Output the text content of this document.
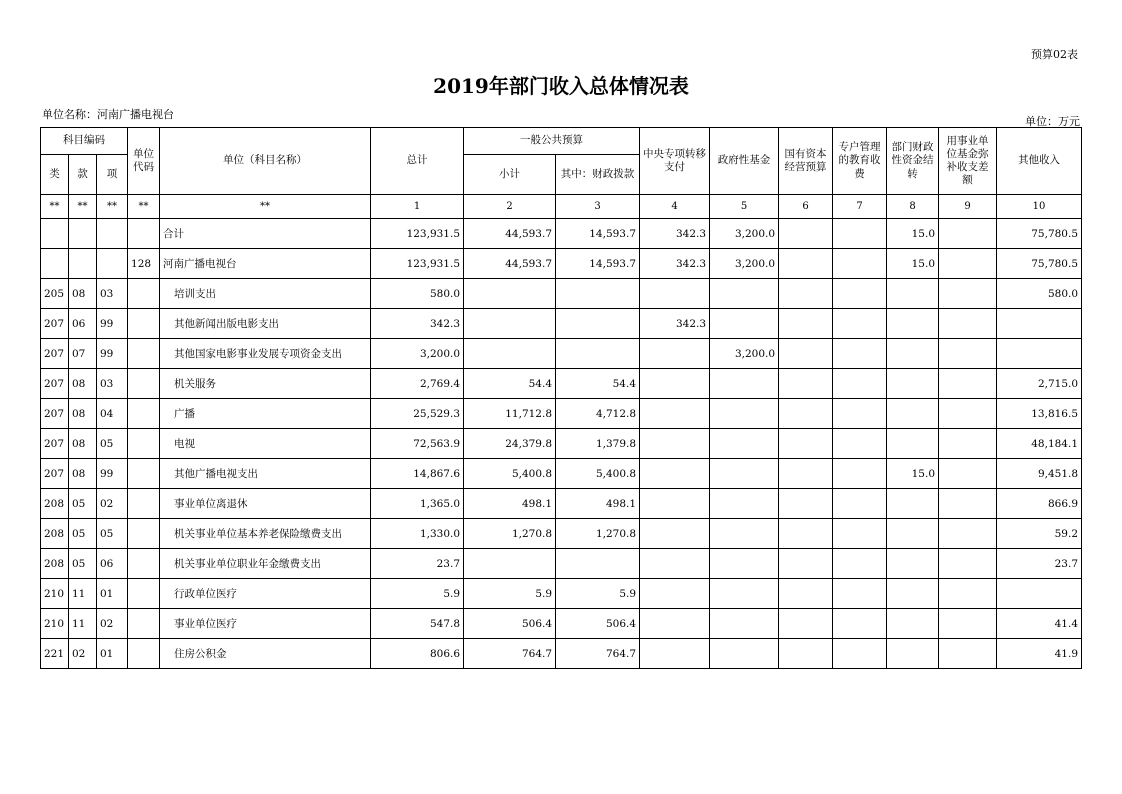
预算02表
2019年部门收入总体情况表
单位名称：河南广播电视台
单位：万元
科目编码			单位代码	单位（科目名称）	总计	一般公共预算		中央专项转移支付	政府性基金	国有资本经营预算	专户管理的教育收费	部门财政性资金结转	用事业单位基金弥补收支差额	其他收入
类	款	项				小计	其中：财政拨款							
**	**	**	**	**	1	2	3	4	5	6	7	8	9	10
				合计	123,931.5	44,593.7	14,593.7	342.3	3,200.0			15.0		75,780.5
			128	河南广播电视台	123,931.5	44,593.7	14,593.7	342.3	3,200.0			15.0		75,780.5
205	08	03		培训支出	580.0									580.0
207	06	99		其他新闻出版电影支出	342.3			342.3						
207	07	99		其他国家电影事业发展专项资金支出	3,200.0				3,200.0					
207	08	03		机关服务	2,769.4	54.4	54.4							2,715.0
207	08	04		广播	25,529.3	11,712.8	4,712.8							13,816.5
207	08	05		电视	72,563.9	24,379.8	1,379.8							48,184.1
207	08	99		其他广播电视支出	14,867.6	5,400.8	5,400.8					15.0		9,451.8
208	05	02		事业单位离退休	1,365.0	498.1	498.1							866.9
208	05	05		机关事业单位基本养老保险缴费支出	1,330.0	1,270.8	1,270.8							59.2
208	05	06		机关事业单位职业年金缴费支出	23.7									23.7
210	11	01		行政单位医疗	5.9	5.9	5.9							
210	11	02		事业单位医疗	547.8	506.4	506.4							41.4
221	02	01		住房公积金	806.6	764.7	764.7							41.9
